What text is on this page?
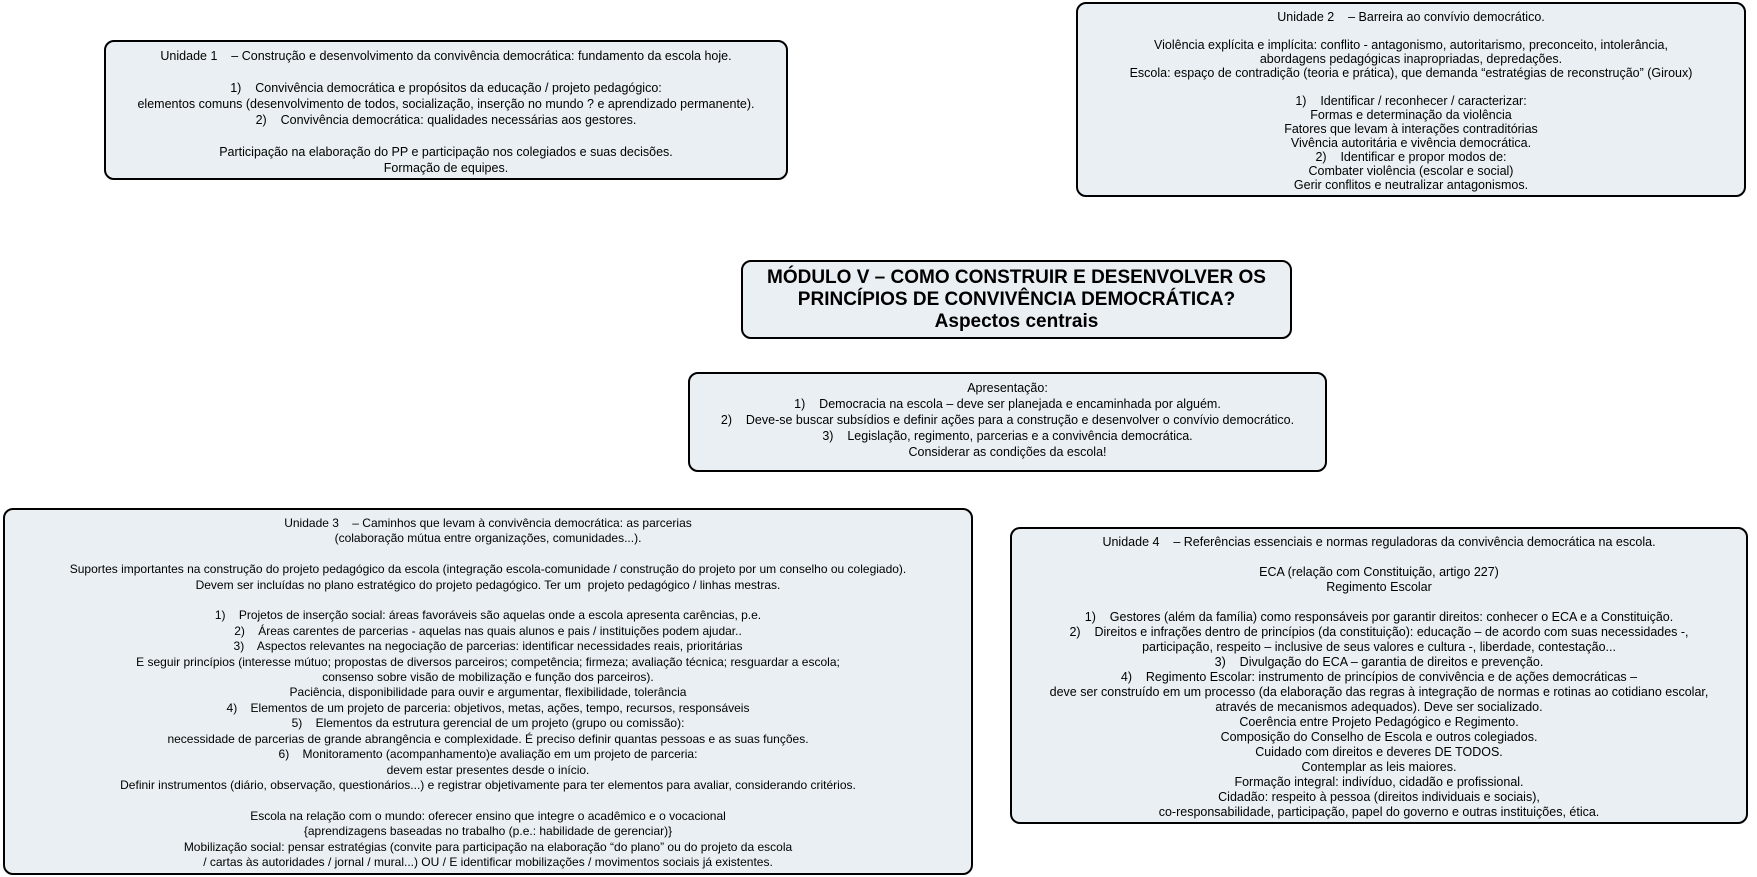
Unidade 1    – Construção e desenvolvimento da convivência democrática: fundamento da escola hoje.

1)    Convivência democrática e propósitos da educação / projeto pedagógico:
elementos comuns (desenvolvimento de todos, socialização, inserção no mundo ? e aprendizado permanente).
2)    Convivência democrática: qualidades necessárias aos gestores.

Participação na elaboração do PP e participação nos colegiados e suas decisões.
Formação de equipes.
Unidade 2    – Barreira ao convívio democrático.

Violência explícita e implícita: conflito - antagonismo, autoritarismo, preconceito, intolerância,
abordagens pedagógicas inapropriadas, depredações.
Escola: espaço de contradição (teoria e prática), que demanda “estratégias de reconstrução” (Giroux)

1)    Identificar / reconhecer / caracterizar:
Formas e determinação da violência
Fatores que levam à interações contraditórias
Vivência autoritária e vivência democrática.
2)    Identificar e propor modos de:
Combater violência (escolar e social)
Gerir conflitos e neutralizar antagonismos.
MÓDULO V – COMO CONSTRUIR E DESENVOLVER OS
PRINCÍPIOS DE CONVIVÊNCIA DEMOCRÁTICA?
Aspectos centrais
Apresentação:
1)    Democracia na escola – deve ser planejada e encaminhada por alguém.
2)    Deve-se buscar subsídios e definir ações para a construção e desenvolver o convívio democrático.
3)    Legislação, regimento, parcerias e a convivência democrática.
Considerar as condições da escola!
Unidade 3    – Caminhos que levam à convivência democrática: as parcerias
(colaboração mútua entre organizações, comunidades...).

Suportes importantes na construção do projeto pedagógico da escola (integração escola-comunidade / construção do projeto por um conselho ou colegiado).
Devem ser incluídas no plano estratégico do projeto pedagógico. Ter um  projeto pedagógico / linhas mestras.

1)    Projetos de inserção social: áreas favoráveis são aquelas onde a escola apresenta carências, p.e.
2)    Áreas carentes de parcerias - aquelas nas quais alunos e pais / instituições podem ajudar..
3)    Aspectos relevantes na negociação de parcerias: identificar necessidades reais, prioritárias
E seguir princípios (interesse mútuo; propostas de diversos parceiros; competência; firmeza; avaliação técnica; resguardar a escola;
consenso sobre visão de mobilização e função dos parceiros).
Paciência, disponibilidade para ouvir e argumentar, flexibilidade, tolerância
4)    Elementos de um projeto de parceria: objetivos, metas, ações, tempo, recursos, responsáveis
5)    Elementos da estrutura gerencial de um projeto (grupo ou comissão):
necessidade de parcerias de grande abrangência e complexidade. É preciso definir quantas pessoas e as suas funções.
6)    Monitoramento (acompanhamento)e avaliação em um projeto de parceria:
devem estar presentes desde o início.
Definir instrumentos (diário, observação, questionários...) e registrar objetivamente para ter elementos para avaliar, considerando critérios.

Escola na relação com o mundo: oferecer ensino que integre o acadêmico e o vocacional
{aprendizagens baseadas no trabalho (p.e.: habilidade de gerenciar)}
Mobilização social: pensar estratégias (convite para participação na elaboração “do plano” ou do projeto da escola
/ cartas às autoridades / jornal / mural...) OU / E identificar mobilizações / movimentos sociais já existentes.
Unidade 4    – Referências essenciais e normas reguladoras da convivência democrática na escola.

ECA (relação com Constituição, artigo 227)
Regimento Escolar

1)    Gestores (além da família) como responsáveis por garantir direitos: conhecer o ECA e a Constituição.
2)    Direitos e infrações dentro de princípios (da constituição): educação – de acordo com suas necessidades -,
participação, respeito – inclusive de seus valores e cultura -, liberdade, contestação...
3)    Divulgação do ECA – garantia de direitos e prevenção.
4)    Regimento Escolar: instrumento de princípios de convivência e de ações democráticas –
deve ser construído em um processo (da elaboração das regras à integração de normas e rotinas ao cotidiano escolar,
através de mecanismos adequados). Deve ser socializado.
Coerência entre Projeto Pedagógico e Regimento.
Composição do Conselho de Escola e outros colegiados.
Cuidado com direitos e deveres DE TODOS.
Contemplar as leis maiores.
Formação integral: indivíduo, cidadão e profissional.
Cidadão: respeito à pessoa (direitos individuais e sociais),
co-responsabilidade, participação, papel do governo e outras instituições, ética.
